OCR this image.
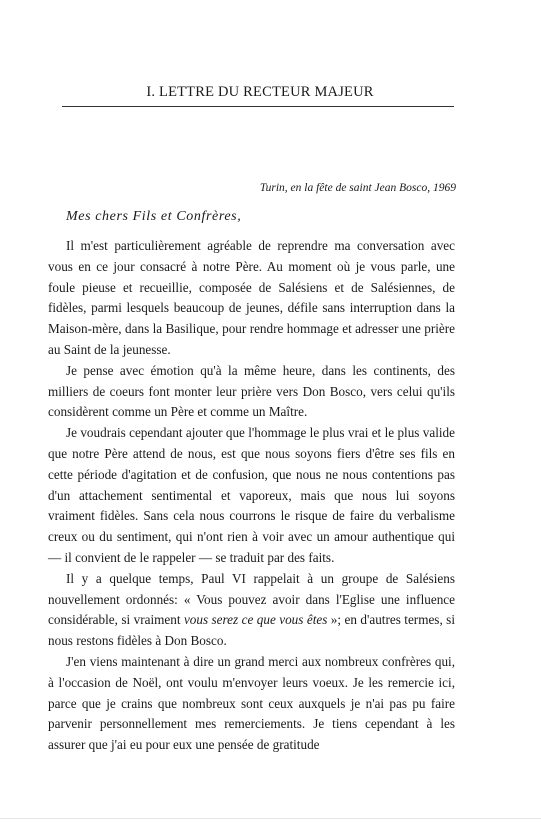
I. LETTRE DU RECTEUR MAJEUR
Turin, en la fête de saint Jean Bosco, 1969
Mes chers Fils et Confrères,

Il m'est particulièrement agréable de reprendre ma conversation avec vous en ce jour consacré à notre Père. Au moment où je vous parle, une foule pieuse et recueillie, composée de Salésiens et de Salésiennes, de fidèles, parmi lesquels beaucoup de jeunes, défile sans interruption dans la Maison-mère, dans la Basilique, pour rendre hommage et adresser une prière au Saint de la jeunesse.

Je pense avec émotion qu'à la même heure, dans les continents, des milliers de coeurs font monter leur prière vers Don Bosco, vers celui qu'ils considèrent comme un Père et comme un Maître.

Je voudrais cependant ajouter que l'hommage le plus vrai et le plus valide que notre Père attend de nous, est que nous soyons fiers d'être ses fils en cette période d'agitation et de confusion, que nous ne nous contentions pas d'un attachement sentimental et vaporeux, mais que nous lui soyons vraiment fidèles. Sans cela nous courrons le risque de faire du verbalisme creux ou du sentiment, qui n'ont rien à voir avec un amour authentique qui — il convient de le rappeler — se traduit par des faits.

Il y a quelque temps, Paul VI rappelait à un groupe de Salésiens nouvellement ordonnés: « Vous pouvez avoir dans l'Eglise une influence considérable, si vraiment vous serez ce que vous êtes »; en d'autres termes, si nous restons fidèles à Don Bosco.

J'en viens maintenant à dire un grand merci aux nombreux confrères qui, à l'occasion de Noël, ont voulu m'envoyer leurs voeux. Je les remercie ici, parce que je crains que nombreux sont ceux auxquels je n'ai pas pu faire parvenir personnellement mes remerciements. Je tiens cependant à les assurer que j'ai eu pour eux une pensée de gratitude
